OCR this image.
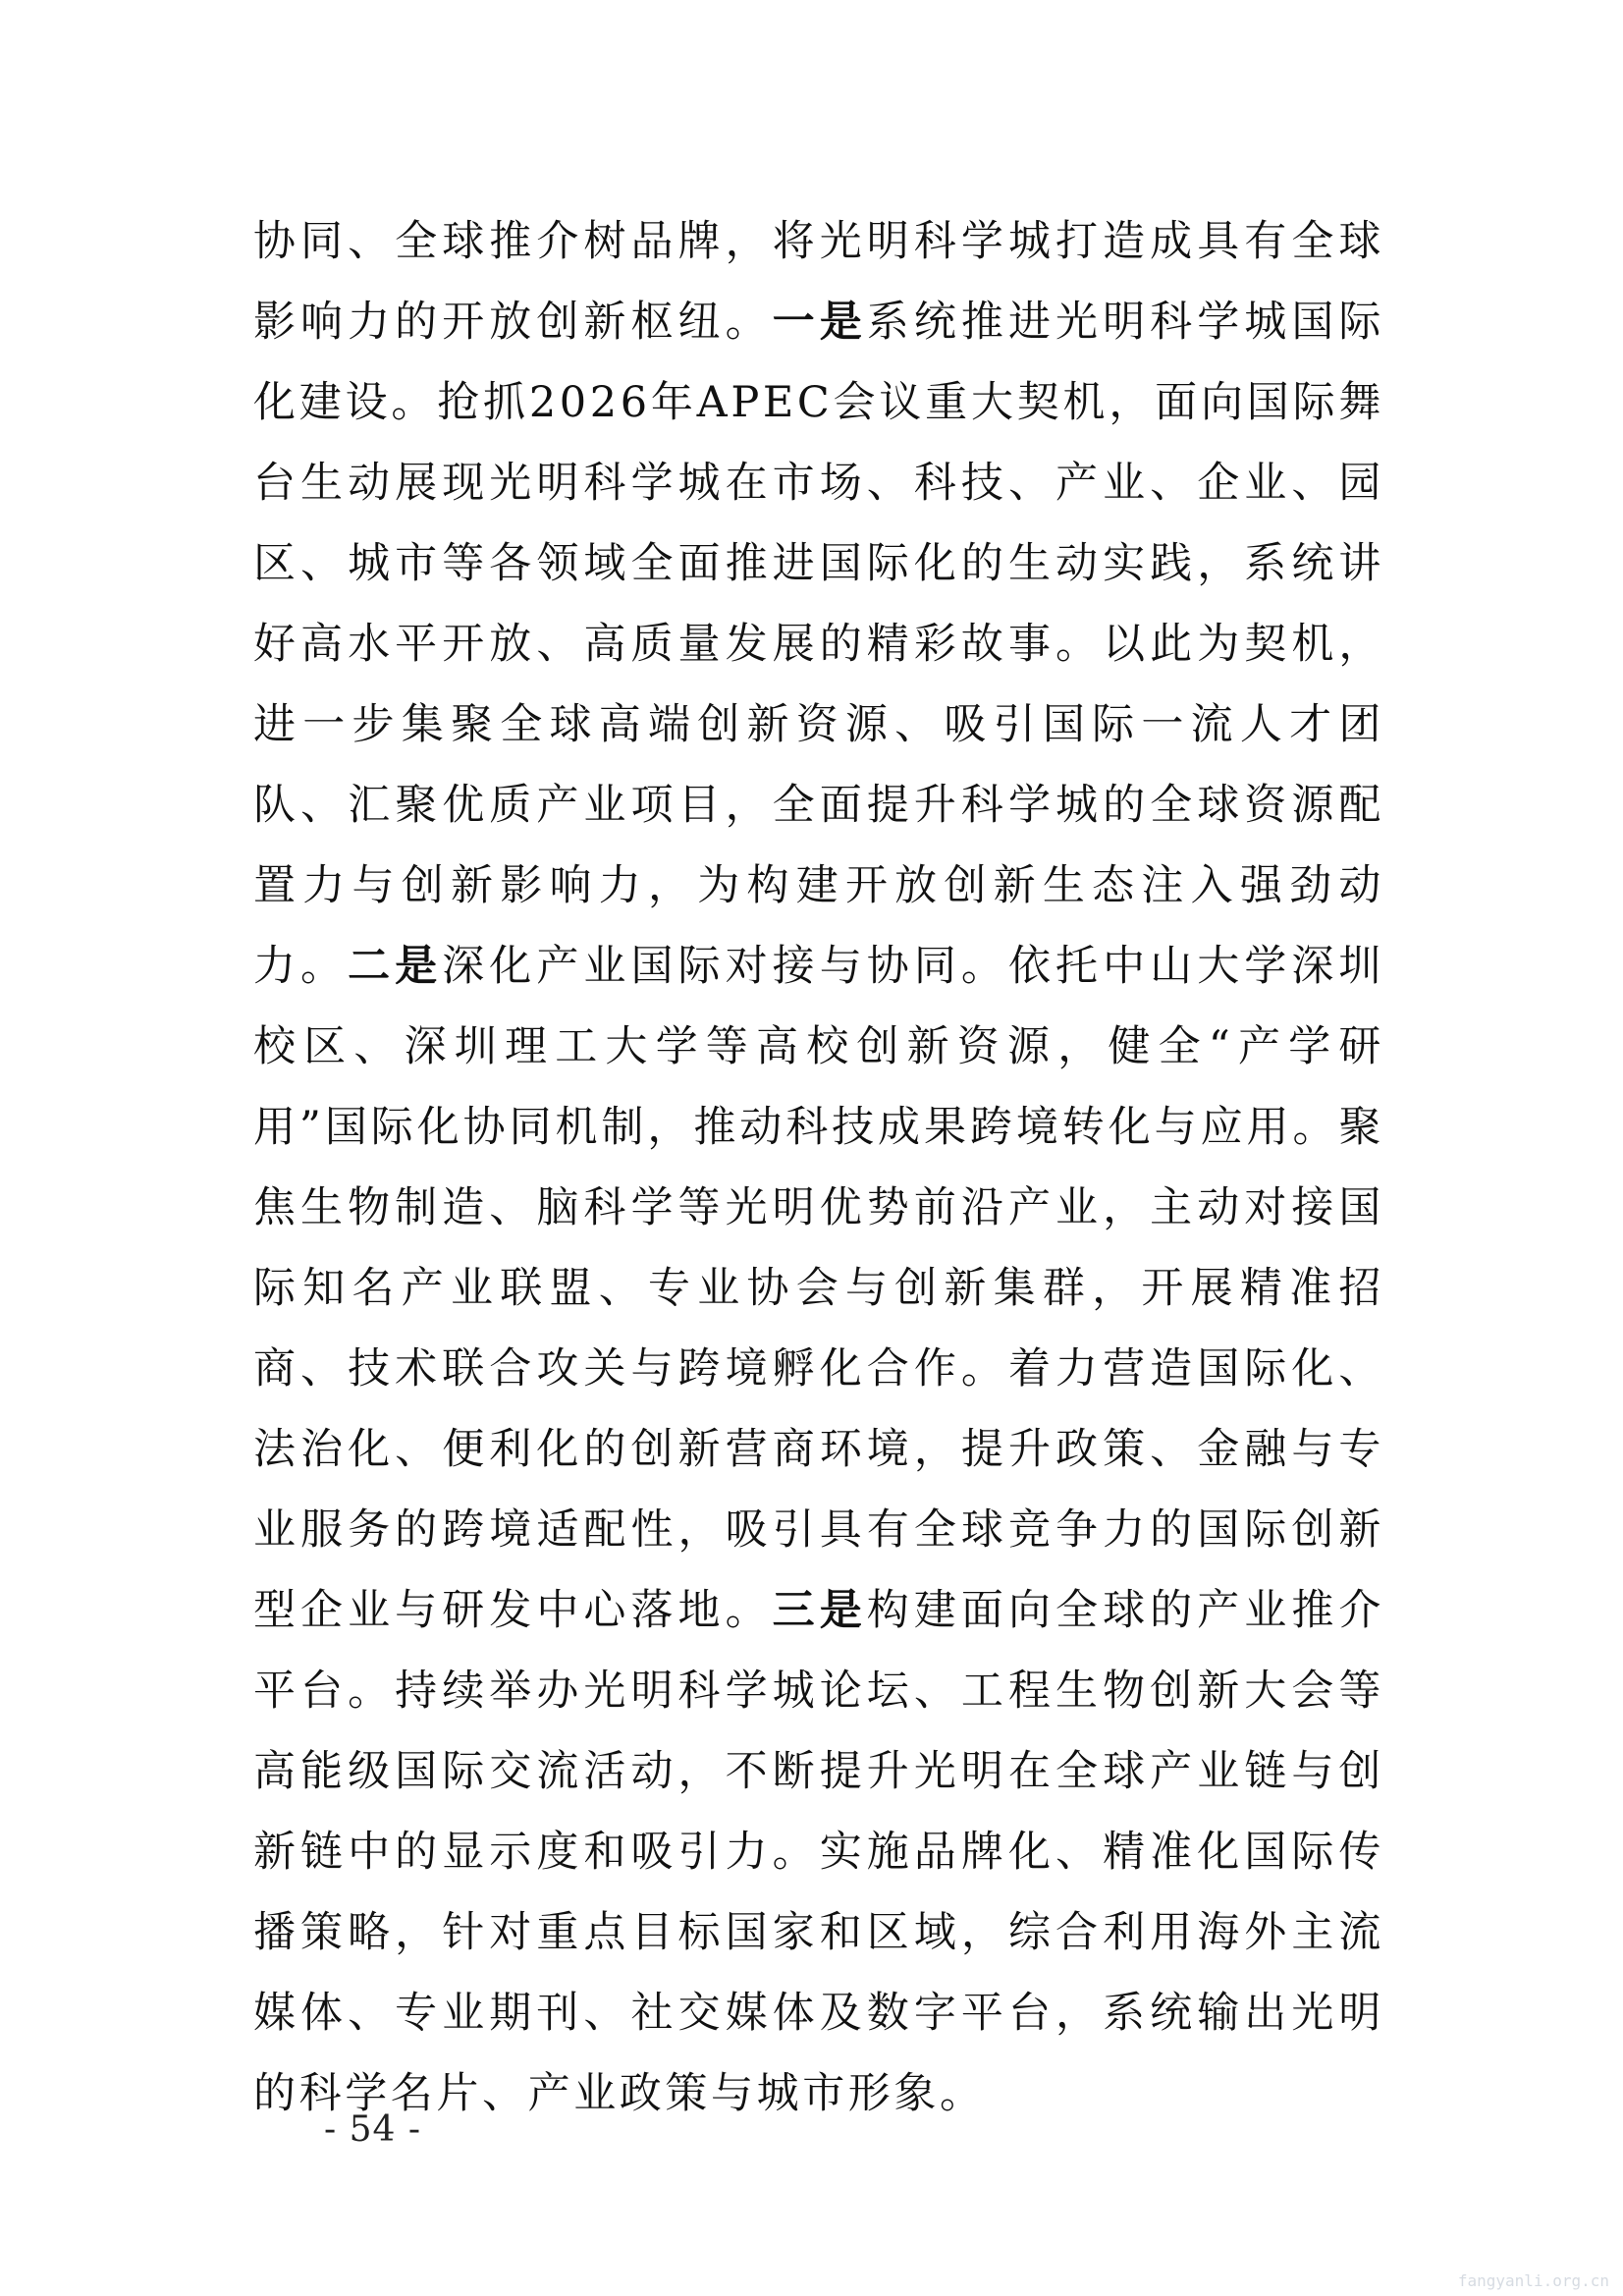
协同、全球推介树品牌，将光明科学城打造成具有全球影响力的开放创新枢纽。一是系统推进光明科学城国际化建设。抢抓2026年APEC会议重大契机，面向国际舞台生动展现光明科学城在市场、科技、产业、企业、园区、城市等各领域全面推进国际化的生动实践，系统讲好高水平开放、高质量发展的精彩故事。以此为契机，进一步集聚全球高端创新资源、吸引国际一流人才团队、汇聚优质产业项目，全面提升科学城的全球资源配置力与创新影响力，为构建开放创新生态注入强劲动力。二是深化产业国际对接与协同。依托中山大学深圳校区、深圳理工大学等高校创新资源，健全“产学研用”国际化协同机制，推动科技成果跨境转化与应用。聚焦生物制造、脑科学等光明优势前沿产业，主动对接国际知名产业联盟、专业协会与创新集群，开展精准招商、技术联合攻关与跨境孵化合作。着力营造国际化、法治化、便利化的创新营商环境，提升政策、金融与专业服务的跨境适配性，吸引具有全球竞争力的国际创新型企业与研发中心落地。三是构建面向全球的产业推介平台。持续举办光明科学城论坛、工程生物创新大会等高能级国际交流活动，不断提升光明在全球产业链与创新链中的显示度和吸引力。实施品牌化、精准化国际传播策略，针对重点目标国家和区域，综合利用海外主流媒体、专业期刊、社交媒体及数字平台，系统输出光明的科学名片、产业政策与城市形象。

- 54 -
fangyanli.org.cn
